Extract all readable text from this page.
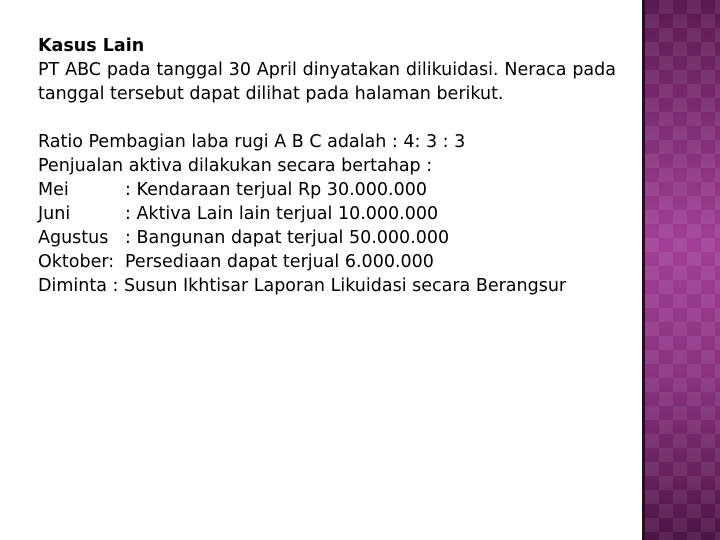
Kasus Lain

PT ABC pada tanggal 30 April dinyatakan dilikuidasi. Neraca pada tanggal tersebut dapat dilihat pada halaman berikut.

Ratio Pembagian laba rugi A B C adalah : 4: 3 : 3

Penjualan aktiva dilakukan secara bertahap :

Mei	: Kendaraan terjual Rp 30.000.000
Juni	: Aktiva Lain lain terjual 10.000.000
Agustus : Bangunan dapat terjual 50.000.000
Oktober: Persediaan dapat terjual 6.000.000

Diminta : Susun Ikhtisar Laporan Likuidasi secara Berangsur
